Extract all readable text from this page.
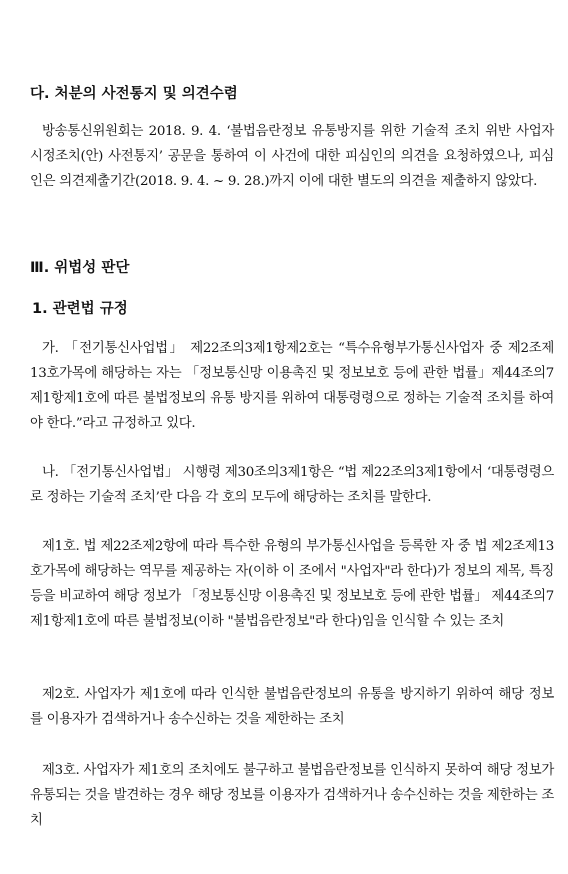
다. 처분의 사전통지 및 의견수렴

방송통신위원회는 2018. 9. 4. ‘불법음란정보 유통방지를 위한 기술적 조치 위반 사업자 시정조치(안) 사전통지’ 공문을 통하여 이 사건에 대한 피심인의 의견을 요청하였으나, 피심인은 의견제출기간(2018. 9. 4. ~ 9. 28.)까지 이에 대한 별도의 의견을 제출하지 않았다.

Ⅲ. 위법성 판단
1. 관련법 규정

가. 「전기통신사업법」 제22조의3제1항제2호는 “특수유형부가통신사업자 중 제2조제13호가목에 해당하는 자는 「정보통신망 이용촉진 및 정보보호 등에 관한 법률」제44조의7제1항제1호에 따른 불법정보의 유통 방지를 위하여 대통령령으로 정하는 기술적 조치를 하여야 한다.”라고 규정하고 있다.

나. 「전기통신사업법」 시행령 제30조의3제1항은 “법 제22조의3제1항에서 ‘대통령령으로 정하는 기술적 조치’란 다음 각 호의 모두에 해당하는 조치를 말한다.

제1호. 법 제22조제2항에 따라 특수한 유형의 부가통신사업을 등록한 자 중 법 제2조제13호가목에 해당하는 역무를 제공하는 자(이하 이 조에서 "사업자"라 한다)가 정보의 제목, 특징 등을 비교하여 해당 정보가 「정보통신망 이용촉진 및 정보보호 등에 관한 법률」 제44조의7제1항제1호에 따른 불법정보(이하 "불법음란정보"라 한다)임을 인식할 수 있는 조치

제2호. 사업자가 제1호에 따라 인식한 불법음란정보의 유통을 방지하기 위하여 해당 정보를 이용자가 검색하거나 송수신하는 것을 제한하는 조치

제3호. 사업자가 제1호의 조치에도 불구하고 불법음란정보를 인식하지 못하여 해당 정보가 유통되는 것을 발견하는 경우 해당 정보를 이용자가 검색하거나 송수신하는 것을 제한하는 조치
